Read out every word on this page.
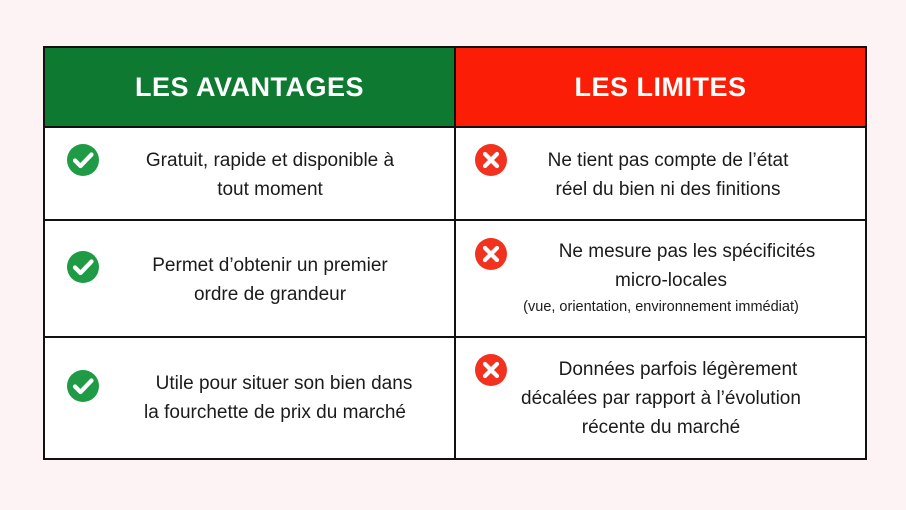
LES AVANTAGES	LES LIMITES
Gratuit, rapide et disponible à
tout moment
Ne tient pas compte de l’état
réel du bien ni des finitions
Permet d’obtenir un premier
ordre de grandeur
Ne mesure pas les spécificités
micro-locales
(vue, orientation, environnement immédiat)
Utile pour situer son bien dans
la fourchette de prix du marché
Données parfois légèrement
décalées par rapport à l’évolution
récente du marché
